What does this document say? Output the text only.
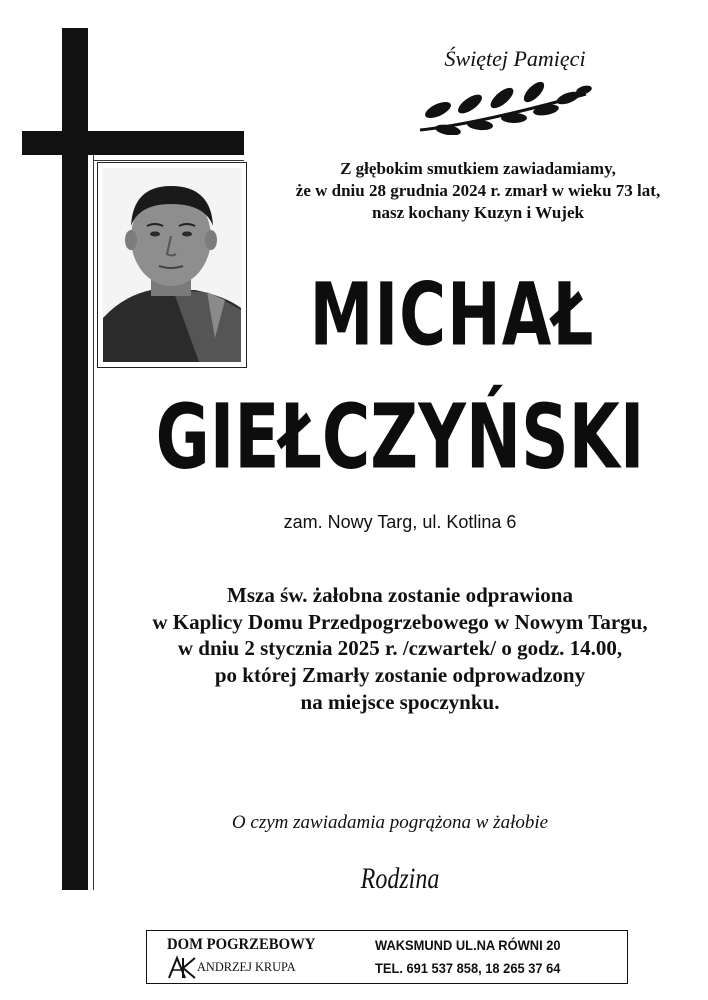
Świętej Pamięci
Z głębokim smutkiem zawiadamiamy,
że w dniu 28 grudnia 2024 r. zmarł w wieku 73 lat,
nasz kochany Kuzyn i Wujek
MICHAŁ
GIEŁCZYŃSKI
zam. Nowy Targ, ul. Kotlina 6
Msza św. żałobna zostanie odprawiona
w Kaplicy Domu Przedpogrzebowego w Nowym Targu,
w dniu 2 stycznia 2025 r. /czwartek/ o godz. 14.00,
po której Zmarły zostanie odprowadzony
na miejsce spoczynku.
O czym zawiadamia pogrążona w żałobie
Rodzina
DOM POGRZEBOWY
ANDRZEJ KRUPA
WAKSMUND UL.NA RÓWNI 20
TEL. 691 537 858, 18 265 37 64
